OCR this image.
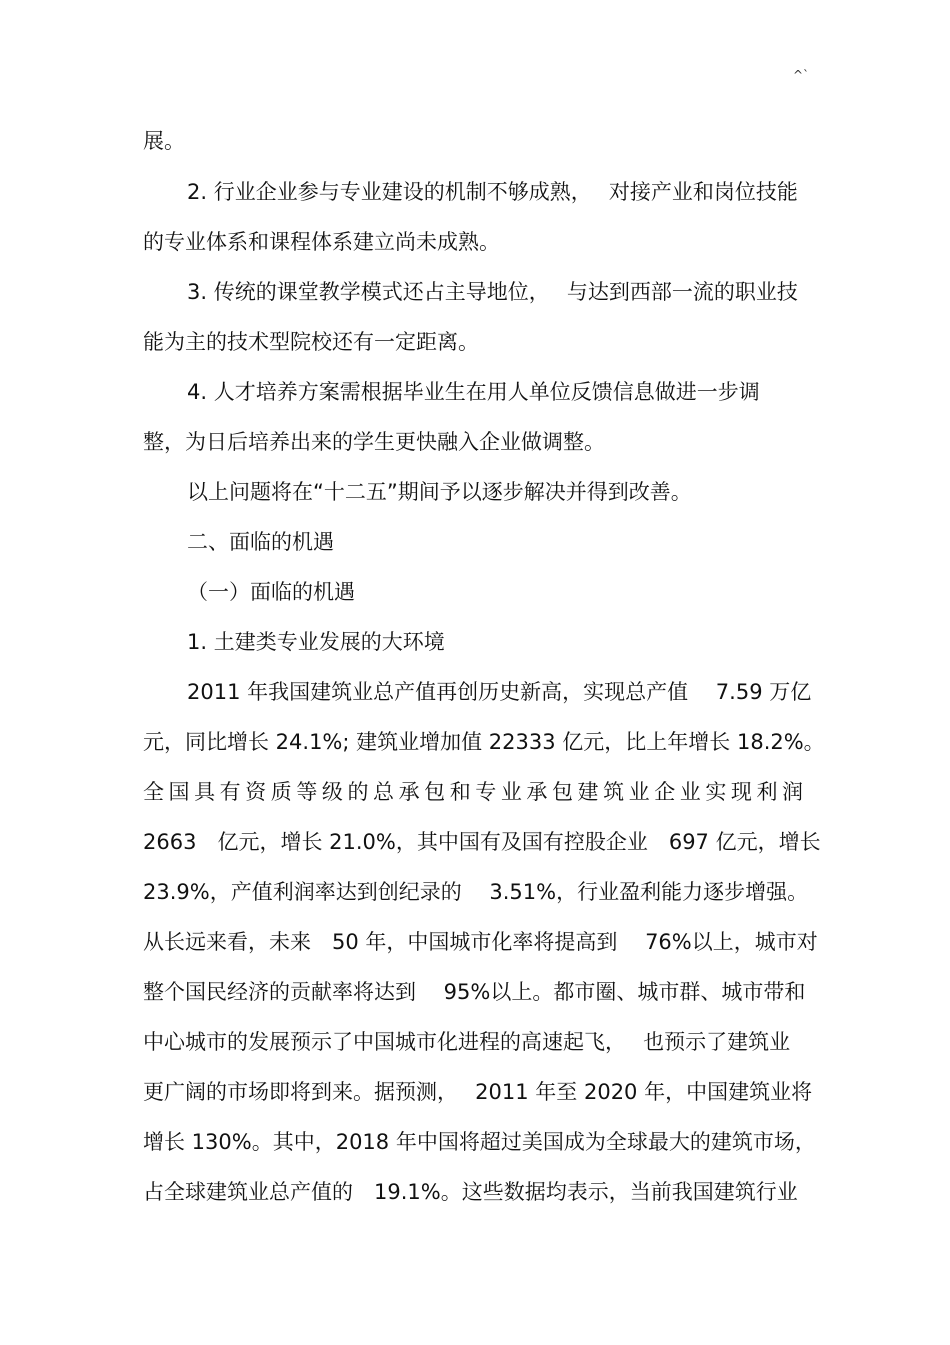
^`
展。
2. 行业企业参与专业建设的机制不够成熟，　 对接产业和岗位技能
的专业体系和课程体系建立尚未成熟。
3. 传统的课堂教学模式还占主导地位，　 与达到西部一流的职业技
能为主的技术型院校还有一定距离。
4. 人才培养方案需根据毕业生在用人单位反馈信息做进一步调
整，为日后培养出来的学生更快融入企业做调整。
以上问题将在“十二五”期间予以逐步解决并得到改善。
二、面临的机遇
（一）面临的机遇
1. 土建类专业发展的大环境
2011 年我国建筑业总产值再创历史新高，实现总产值　 7.59 万亿
元，同比增长 24.1%; 建筑业增加值 22333 亿元，比上年增长 18.2%。
全国具有资质等级的总承包和专业承包建筑业企业实现利润
2663　亿元，增长 21.0%，其中国有及国有控股企业　697 亿元，增长
23.9%，产值利润率达到创纪录的　 3.51%，行业盈利能力逐步增强。
从长远来看，未来　50 年，中国城市化率将提高到　 76%以上，城市对
整个国民经济的贡献率将达到　 95%以上。都市圈、城市群、城市带和
中心城市的发展预示了中国城市化进程的高速起飞，　 也预示了建筑业
更广阔的市场即将到来。据预测，　 2011 年至 2020 年，中国建筑业将
增长 130%。其中，2018 年中国将超过美国成为全球最大的建筑市场，
占全球建筑业总产值的　19.1%。这些数据均表示，当前我国建筑行业
